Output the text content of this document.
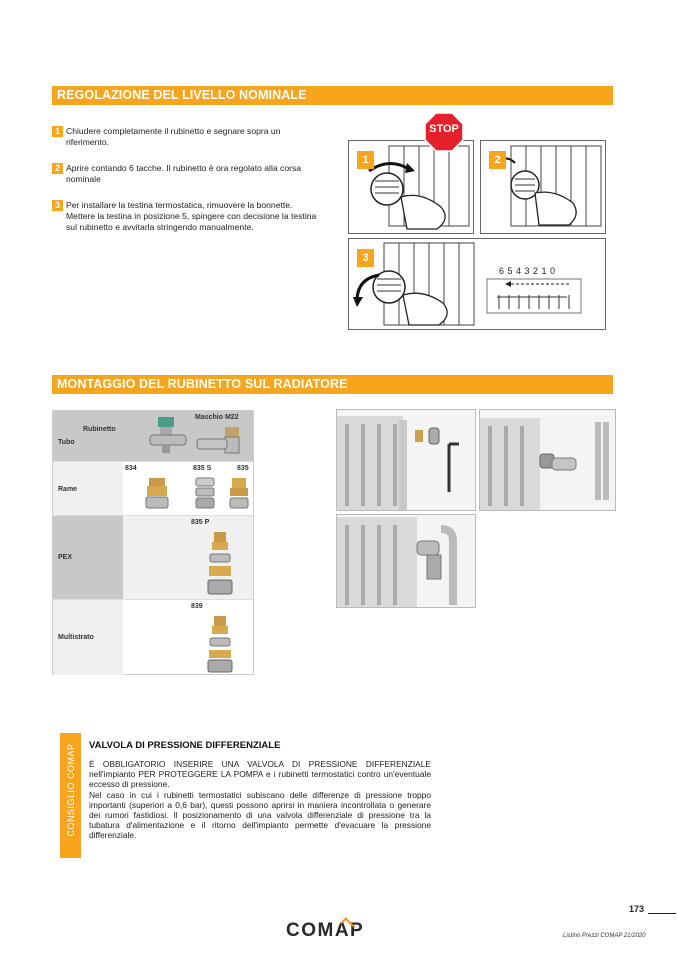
REGOLAZIONE DEL LIVELLO NOMINALE
1 Chiudere completamente il rubinetto e segnare sopra un riferimento.
2 Aprire contando 6 tacche. Il rubinetto è ora regolato alla corsa nominale
3 Per installare la testina termostatica, rimuovere la bonnette. Mettere la testina in posizione 5, spingere con decisione la testina sul rubinetto e avvitarla stringendo manualmente.
1
STOP
2
3
6 5 4 3 2 1 0
MONTAGGIO DEL RUBINETTO SUL RADIATORE
Rubinetto
Tubo
Maschio M22
Rame
834	835 S	835
PEX
835 P
Multistrato
839
CONSIGLIO COMAP VALVOLA DI PRESSIONE DIFFERENZIALE

È OBBLIGATORIO INSERIRE UNA VALVOLA DI PRESSIONE DIFFERENZIALE nell'impianto PER PROTEGGERE LA POMPA e i rubinetti termostatici contro un'eventuale eccesso di pressione.

Nel caso in cui i rubinetti termostatici subiscano delle differenze di pressione troppo importanti (superiori a 0,6 bar), questi possono aprirsi in maniera incontrollata o generare dei rumori fastidiosi. Il posizionamento di una valvola differenziale di pressione tra la tubatura d'alimentazione e il ritorno dell'impianto permette d'evacuare la pressione differenziale.

173
COMAP	Listino Prezzi COMAP 21/2020
